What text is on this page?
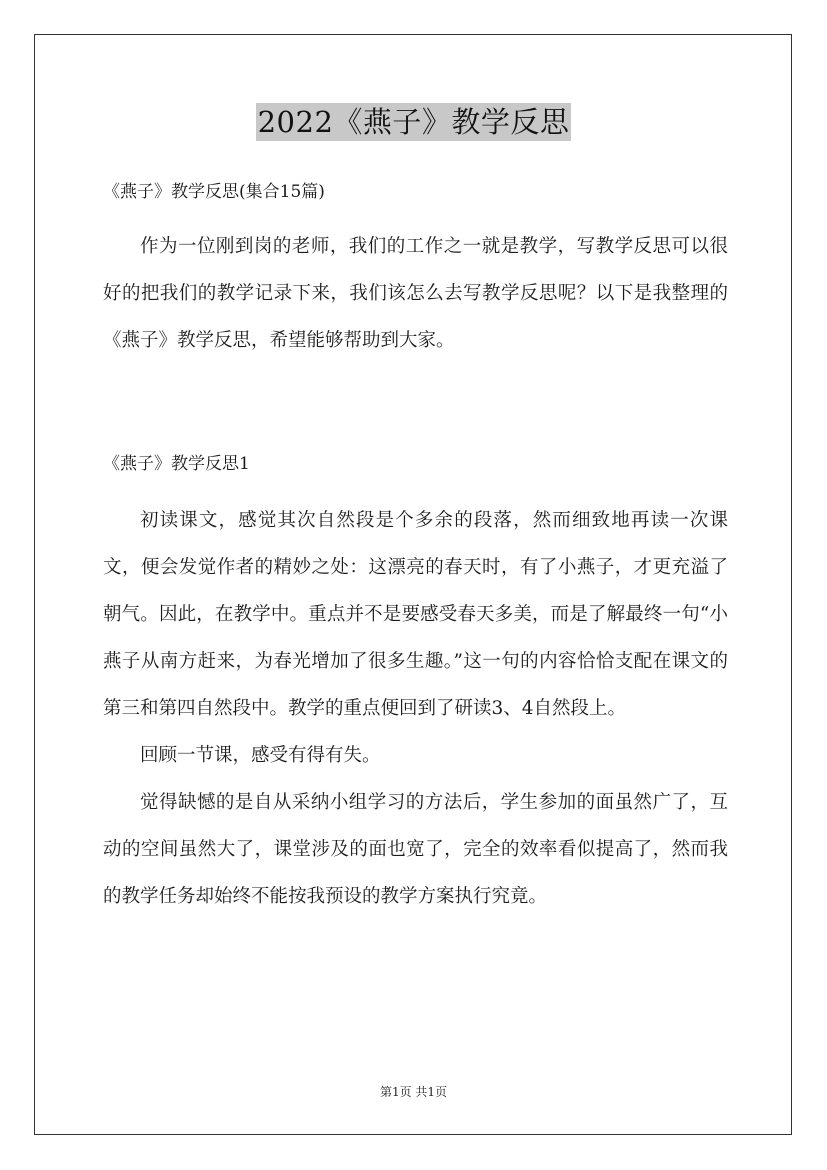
2022《燕子》教学反思
《燕子》教学反思(集合15篇)

作为一位刚到岗的老师，我们的工作之一就是教学，写教学反思可以很好的把我们的教学记录下来，我们该怎么去写教学反思呢？以下是我整理的《燕子》教学反思，希望能够帮助到大家。

《燕子》教学反思1

初读课文，感觉其次自然段是个多余的段落，然而细致地再读一次课文，便会发觉作者的精妙之处：这漂亮的春天时，有了小燕子，才更充溢了朝气。因此，在教学中。重点并不是要感受春天多美，而是了解最终一句“小燕子从南方赶来，为春光增加了很多生趣。”这一句的内容恰恰支配在课文的第三和第四自然段中。教学的重点便回到了研读3、4自然段上。

回顾一节课，感受有得有失。

觉得缺憾的是自从采纳小组学习的方法后，学生参加的面虽然广了，互动的空间虽然大了，课堂涉及的面也宽了，完全的效率看似提高了，然而我的教学任务却始终不能按我预设的教学方案执行究竟。

第1页 共1页
